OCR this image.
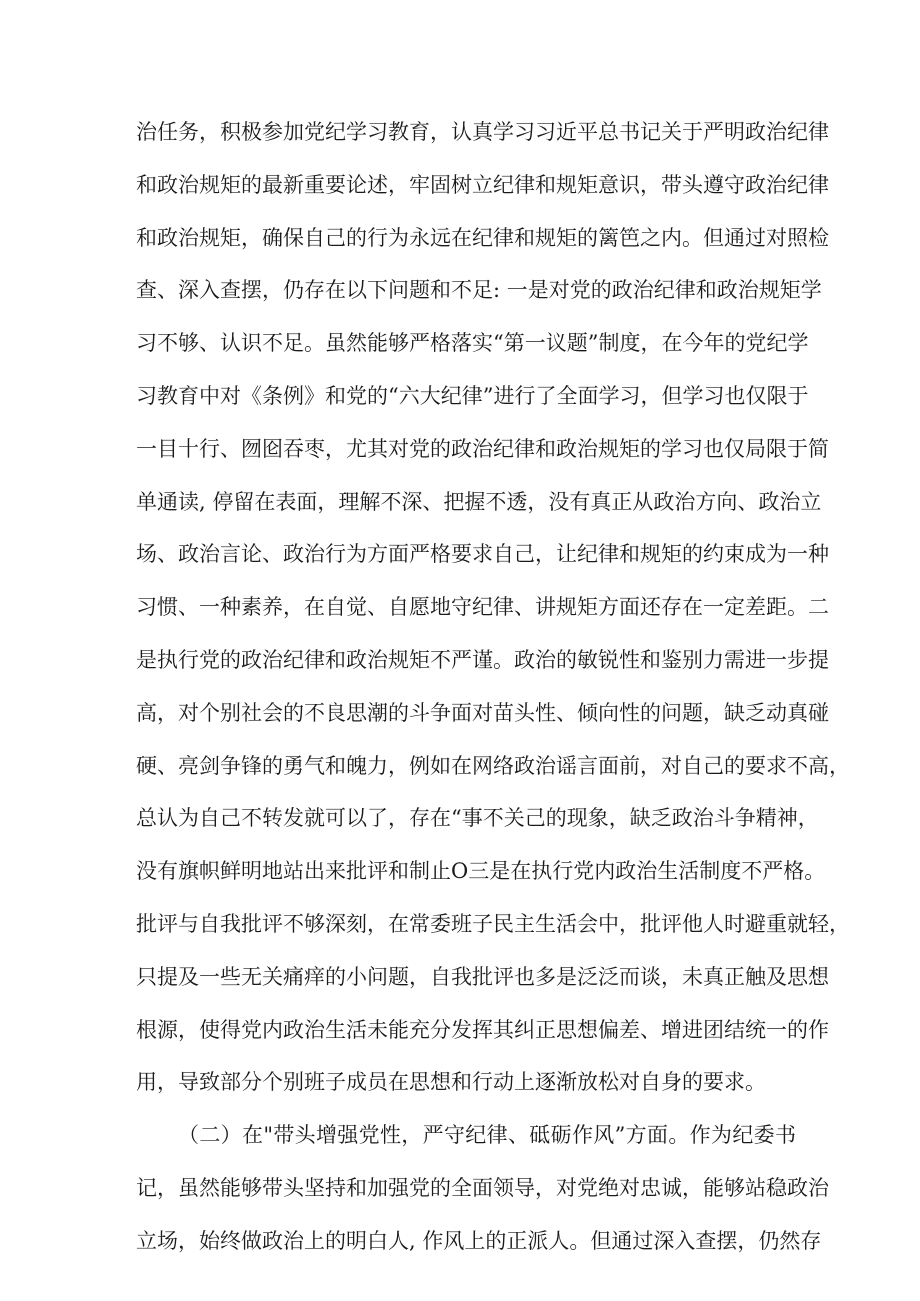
治任务，积极参加党纪学习教育，认真学习习近平总书记关于严明政治纪律
和政治规矩的最新重要论述，牢固树立纪律和规矩意识，带头遵守政治纪律
和政治规矩，确保自己的行为永远在纪律和规矩的篱笆之内。但通过对照检
查、深入查摆，仍存在以下问题和不足: 一是对党的政治纪律和政治规矩学
习不够、认识不足。虽然能够严格落实“第一议题”制度，在今年的党纪学
习教育中对《条例》和党的“六大纪律”进行了全面学习，但学习也仅限于
一目十行、囫囵吞枣，尤其对党的政治纪律和政治规矩的学习也仅局限于简
单通读, 停留在表面，理解不深、把握不透，没有真正从政治方向、政治立
场、政治言论、政治行为方面严格要求自己，让纪律和规矩的约束成为一种
习惯、一种素养，在自觉、自愿地守纪律、讲规矩方面还存在一定差距。二
是执行党的政治纪律和政治规矩不严谨。政治的敏锐性和鉴别力需进一步提
高，对个别社会的不良思潮的斗争面对苗头性、倾向性的问题，缺乏动真碰
硬、亮剑争锋的勇气和魄力，例如在网络政治谣言面前，对自己的要求不高，
总认为自己不转发就可以了，存在“事不关己的现象，缺乏政治斗争精神，
没有旗帜鲜明地站出来批评和制止O三是在执行党内政治生活制度不严格。
批评与自我批评不够深刻，在常委班子民主生活会中，批评他人时避重就轻，
只提及一些无关痛痒的小问题，自我批评也多是泛泛而谈，未真正触及思想
根源，使得党内政治生活未能充分发挥其纠正思想偏差、增进团结统一的作
用，导致部分个别班子成员在思想和行动上逐渐放松对自身的要求。
（二）在"带头增强党性，严守纪律、砥砺作风”方面。作为纪委书
记，虽然能够带头坚持和加强党的全面领导，对党绝对忠诚，能够站稳政治
立场，始终做政治上的明白人, 作风上的正派人。但通过深入查摆，仍然存
